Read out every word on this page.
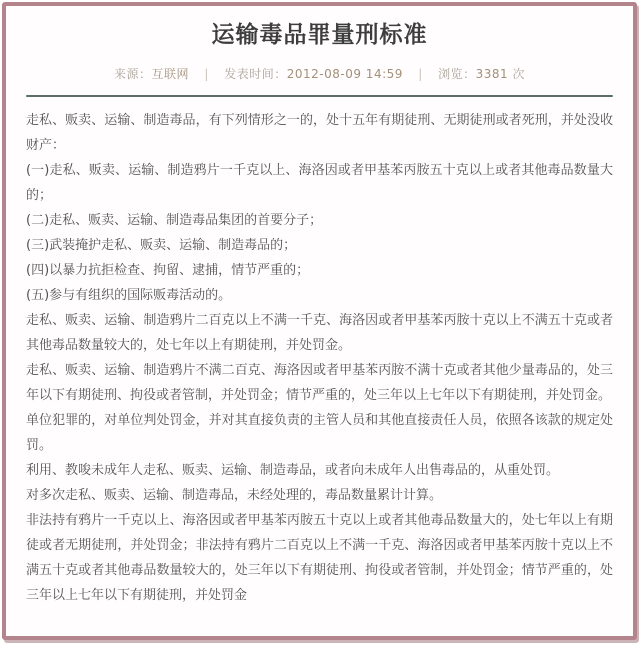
运输毒品罪量刑标准
来源：互联网 | 发表时间：2012-08-09 14:59 | 浏览：3381 次

走私、贩卖、运输、制造毒品，有下列情形之一的，处十五年有期徒刑、无期徒刑或者死刑，并处没收财产：

(一)走私、贩卖、运输、制造鸦片一千克以上、海洛因或者甲基苯丙胺五十克以上或者其他毒品数量大的；

(二)走私、贩卖、运输、制造毒品集团的首要分子；

(三)武装掩护走私、贩卖、运输、制造毒品的；

(四)以暴力抗拒检查、拘留、逮捕，情节严重的；

(五)参与有组织的国际贩毒活动的。

走私、贩卖、运输、制造鸦片二百克以上不满一千克、海洛因或者甲基苯丙胺十克以上不满五十克或者其他毒品数量较大的，处七年以上有期徒刑，并处罚金。

走私、贩卖、运输、制造鸦片不满二百克、海洛因或者甲基苯丙胺不满十克或者其他少量毒品的，处三年以下有期徒刑、拘役或者管制，并处罚金；情节严重的，处三年以上七年以下有期徒刑，并处罚金。

单位犯罪的，对单位判处罚金，并对其直接负责的主管人员和其他直接责任人员，依照各该款的规定处罚。

利用、教唆未成年人走私、贩卖、运输、制造毒品，或者向未成年人出售毒品的，从重处罚。

对多次走私、贩卖、运输、制造毒品，未经处理的，毒品数量累计计算。

非法持有鸦片一千克以上、海洛因或者甲基苯丙胺五十克以上或者其他毒品数量大的，处七年以上有期徒或者无期徒刑，并处罚金；非法持有鸦片二百克以上不满一千克、海洛因或者甲基苯丙胺十克以上不满五十克或者其他毒品数量较大的，处三年以下有期徒刑、拘役或者管制，并处罚金；情节严重的，处三年以上七年以下有期徒刑，并处罚金
